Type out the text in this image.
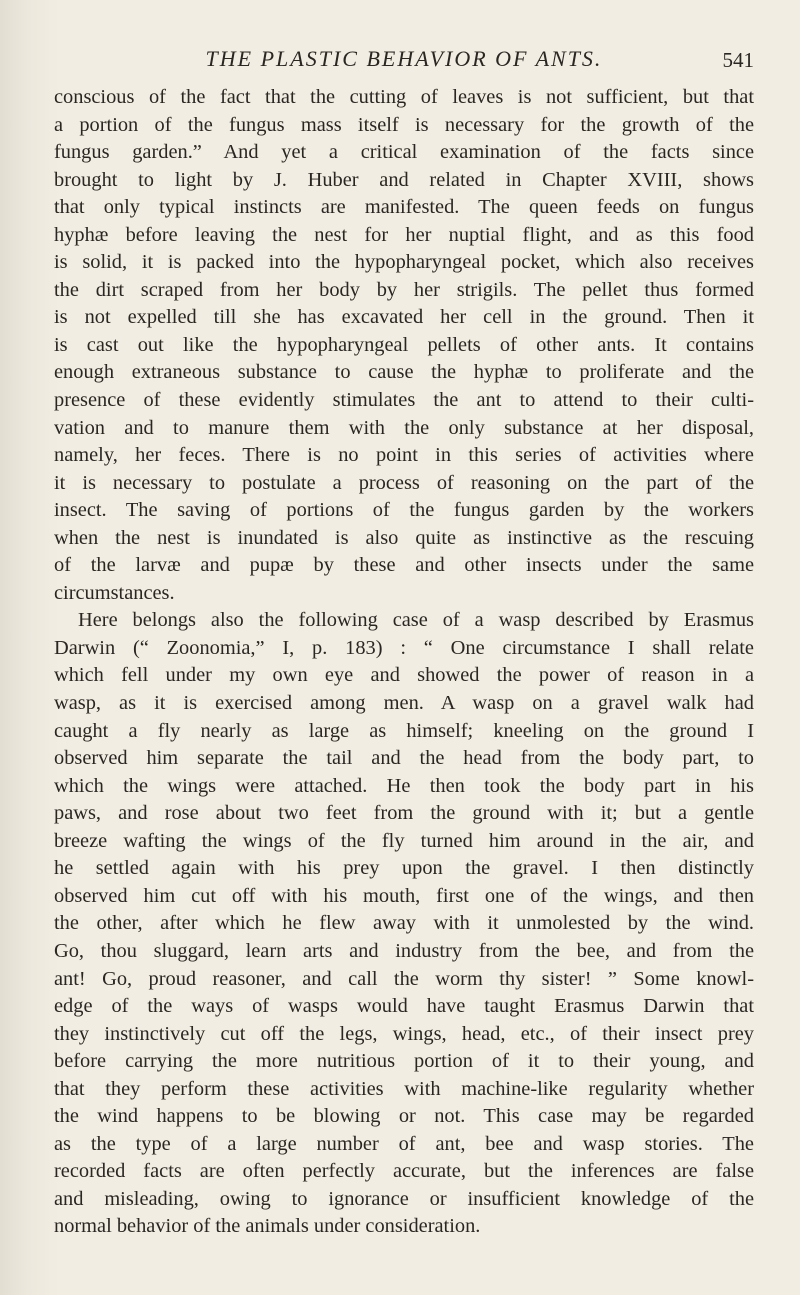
THE PLASTIC BEHAVIOR OF ANTS.	541
conscious of the fact that the cutting of leaves is not sufficient, but that
a portion of the fungus mass itself is necessary for the growth of the
fungus garden.” And yet a critical examination of the facts since
brought to light by J. Huber and related in Chapter XVIII, shows
that only typical instincts are manifested. The queen feeds on fungus
hyphæ before leaving the nest for her nuptial flight, and as this food
is solid, it is packed into the hypopharyngeal pocket, which also receives
the dirt scraped from her body by her strigils. The pellet thus formed
is not expelled till she has excavated her cell in the ground. Then it
is cast out like the hypopharyngeal pellets of other ants. It contains
enough extraneous substance to cause the hyphæ to proliferate and the
presence of these evidently stimulates the ant to attend to their culti-
vation and to manure them with the only substance at her disposal,
namely, her feces. There is no point in this series of activities where
it is necessary to postulate a process of reasoning on the part of the
insect. The saving of portions of the fungus garden by the workers
when the nest is inundated is also quite as instinctive as the rescuing
of the larvæ and pupæ by these and other insects under the same
circumstances.
Here belongs also the following case of a wasp described by Erasmus
Darwin (“ Zoonomia,” I, p. 183) : “ One circumstance I shall relate
which fell under my own eye and showed the power of reason in a
wasp, as it is exercised among men. A wasp on a gravel walk had
caught a fly nearly as large as himself; kneeling on the ground I
observed him separate the tail and the head from the body part, to
which the wings were attached. He then took the body part in his
paws, and rose about two feet from the ground with it; but a gentle
breeze wafting the wings of the fly turned him around in the air, and
he settled again with his prey upon the gravel. I then distinctly
observed him cut off with his mouth, first one of the wings, and then
the other, after which he flew away with it unmolested by the wind.
Go, thou sluggard, learn arts and industry from the bee, and from the
ant! Go, proud reasoner, and call the worm thy sister! ” Some knowl-
edge of the ways of wasps would have taught Erasmus Darwin that
they instinctively cut off the legs, wings, head, etc., of their insect prey
before carrying the more nutritious portion of it to their young, and
that they perform these activities with machine-like regularity whether
the wind happens to be blowing or not. This case may be regarded
as the type of a large number of ant, bee and wasp stories. The
recorded facts are often perfectly accurate, but the inferences are false
and misleading, owing to ignorance or insufficient knowledge of the
normal behavior of the animals under consideration.
